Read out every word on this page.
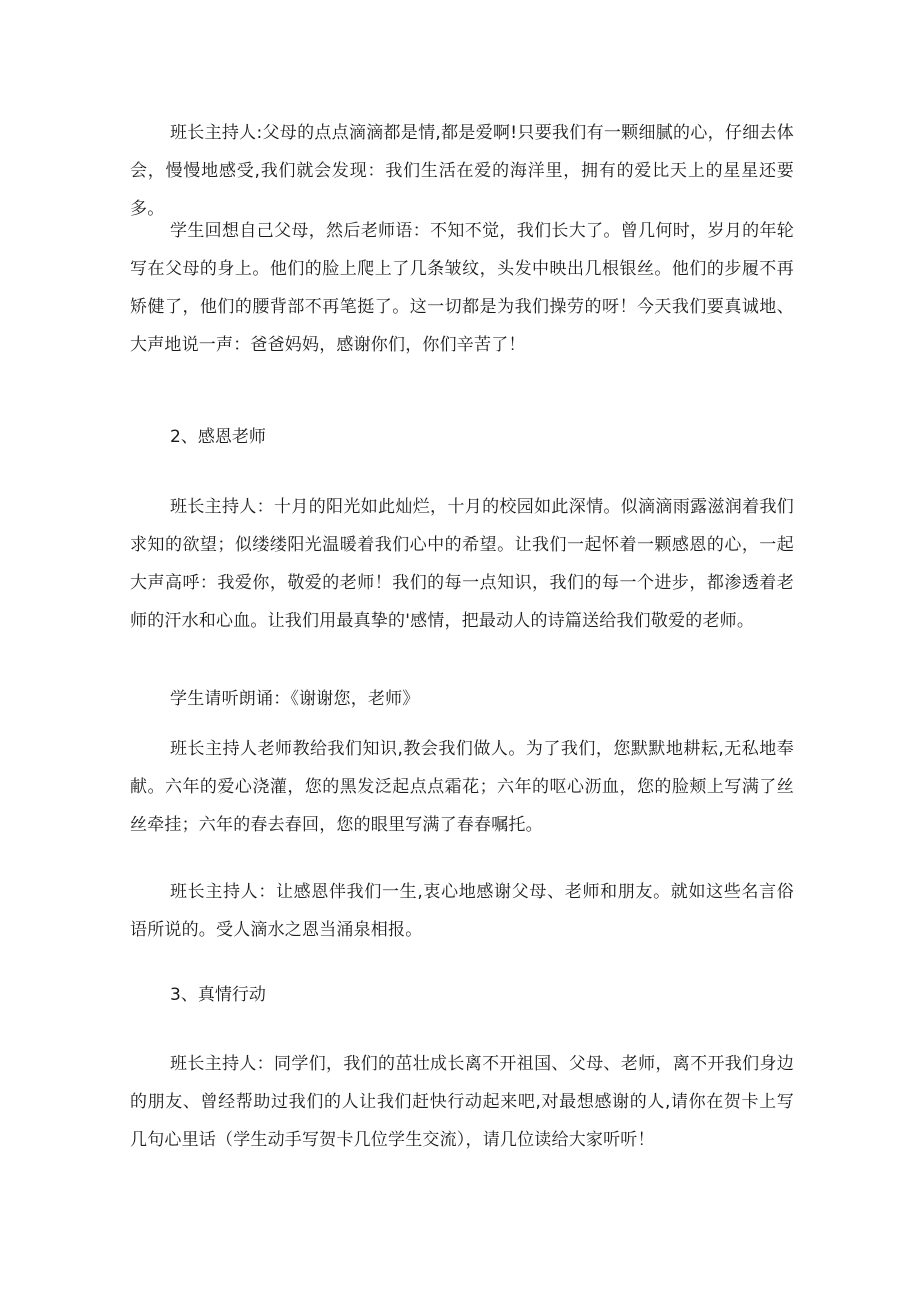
班长主持人:父母的点点滴滴都是情,都是爱啊!只要我们有一颗细腻的心，仔细去体会，慢慢地感受,我们就会发现：我们生活在爱的海洋里，拥有的爱比天上的星星还要多。

学生回想自己父母，然后老师语：不知不觉，我们长大了。曾几何时，岁月的年轮写在父母的身上。他们的脸上爬上了几条皱纹，头发中映出几根银丝。他们的步履不再矫健了，他们的腰背部不再笔挺了。这一切都是为我们操劳的呀！今天我们要真诚地、大声地说一声：爸爸妈妈，感谢你们，你们辛苦了！

2、感恩老师

班长主持人：十月的阳光如此灿烂，十月的校园如此深情。似滴滴雨露滋润着我们求知的欲望；似缕缕阳光温暖着我们心中的希望。让我们一起怀着一颗感恩的心，一起大声高呼：我爱你，敬爱的老师！我们的每一点知识，我们的每一个进步，都渗透着老师的汗水和心血。让我们用最真挚的'感情，把最动人的诗篇送给我们敬爱的老师。

学生请听朗诵：《谢谢您，老师》

班长主持人老师教给我们知识,教会我们做人。为了我们，您默默地耕耘,无私地奉献。六年的爱心浇灌，您的黑发泛起点点霜花；六年的呕心沥血，您的脸颊上写满了丝丝牵挂；六年的春去春回，您的眼里写满了春春嘱托。

班长主持人：让感恩伴我们一生,衷心地感谢父母、老师和朋友。就如这些名言俗语所说的。受人滴水之恩当涌泉相报。

3、真情行动

班长主持人：同学们，我们的茁壮成长离不开祖国、父母、老师，离不开我们身边的朋友、曾经帮助过我们的人让我们赶快行动起来吧,对最想感谢的人,请你在贺卡上写几句心里话（学生动手写贺卡几位学生交流），请几位读给大家听听！
